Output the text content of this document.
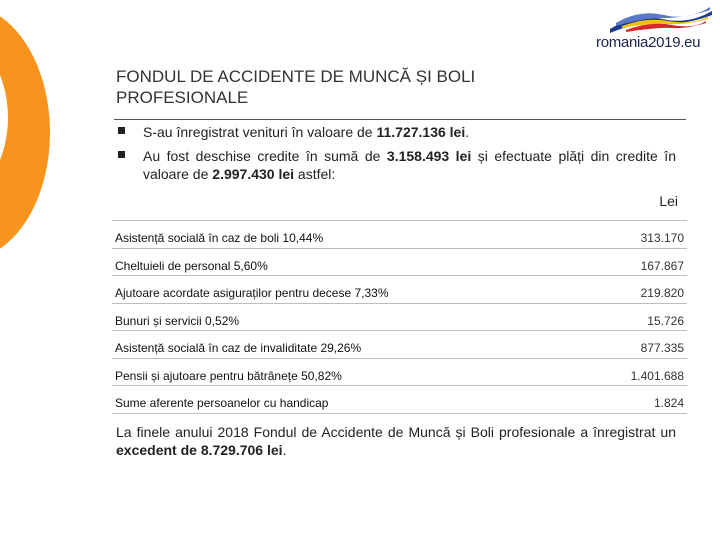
romania2019.eu
FONDUL DE ACCIDENTE DE MUNCĂ ȘI BOLI PROFESIONALE
S-au înregistrat venituri în valoare de 11.727.136 lei.
Au fost deschise credite în sumă de 3.158.493 lei și efectuate plăți din credite în valoare de 2.997.430 lei astfel:
Lei
Asistență socială în caz de boli 10,44%	313.170
Cheltuieli de personal 5,60%	167.867
Ajutoare acordate asiguraților pentru decese 7,33%	219.820
Bunuri și servicii 0,52%	15.726
Asistență socială în caz de invaliditate 29,26%	877.335
Pensii și ajutoare pentru bătrânețe 50,82%	1.401.688
Sume aferente persoanelor cu handicap	1.824

La finele anului 2018 Fondul de Accidente de Muncă și Boli profesionale a înregistrat un excedent de 8.729.706 lei.
